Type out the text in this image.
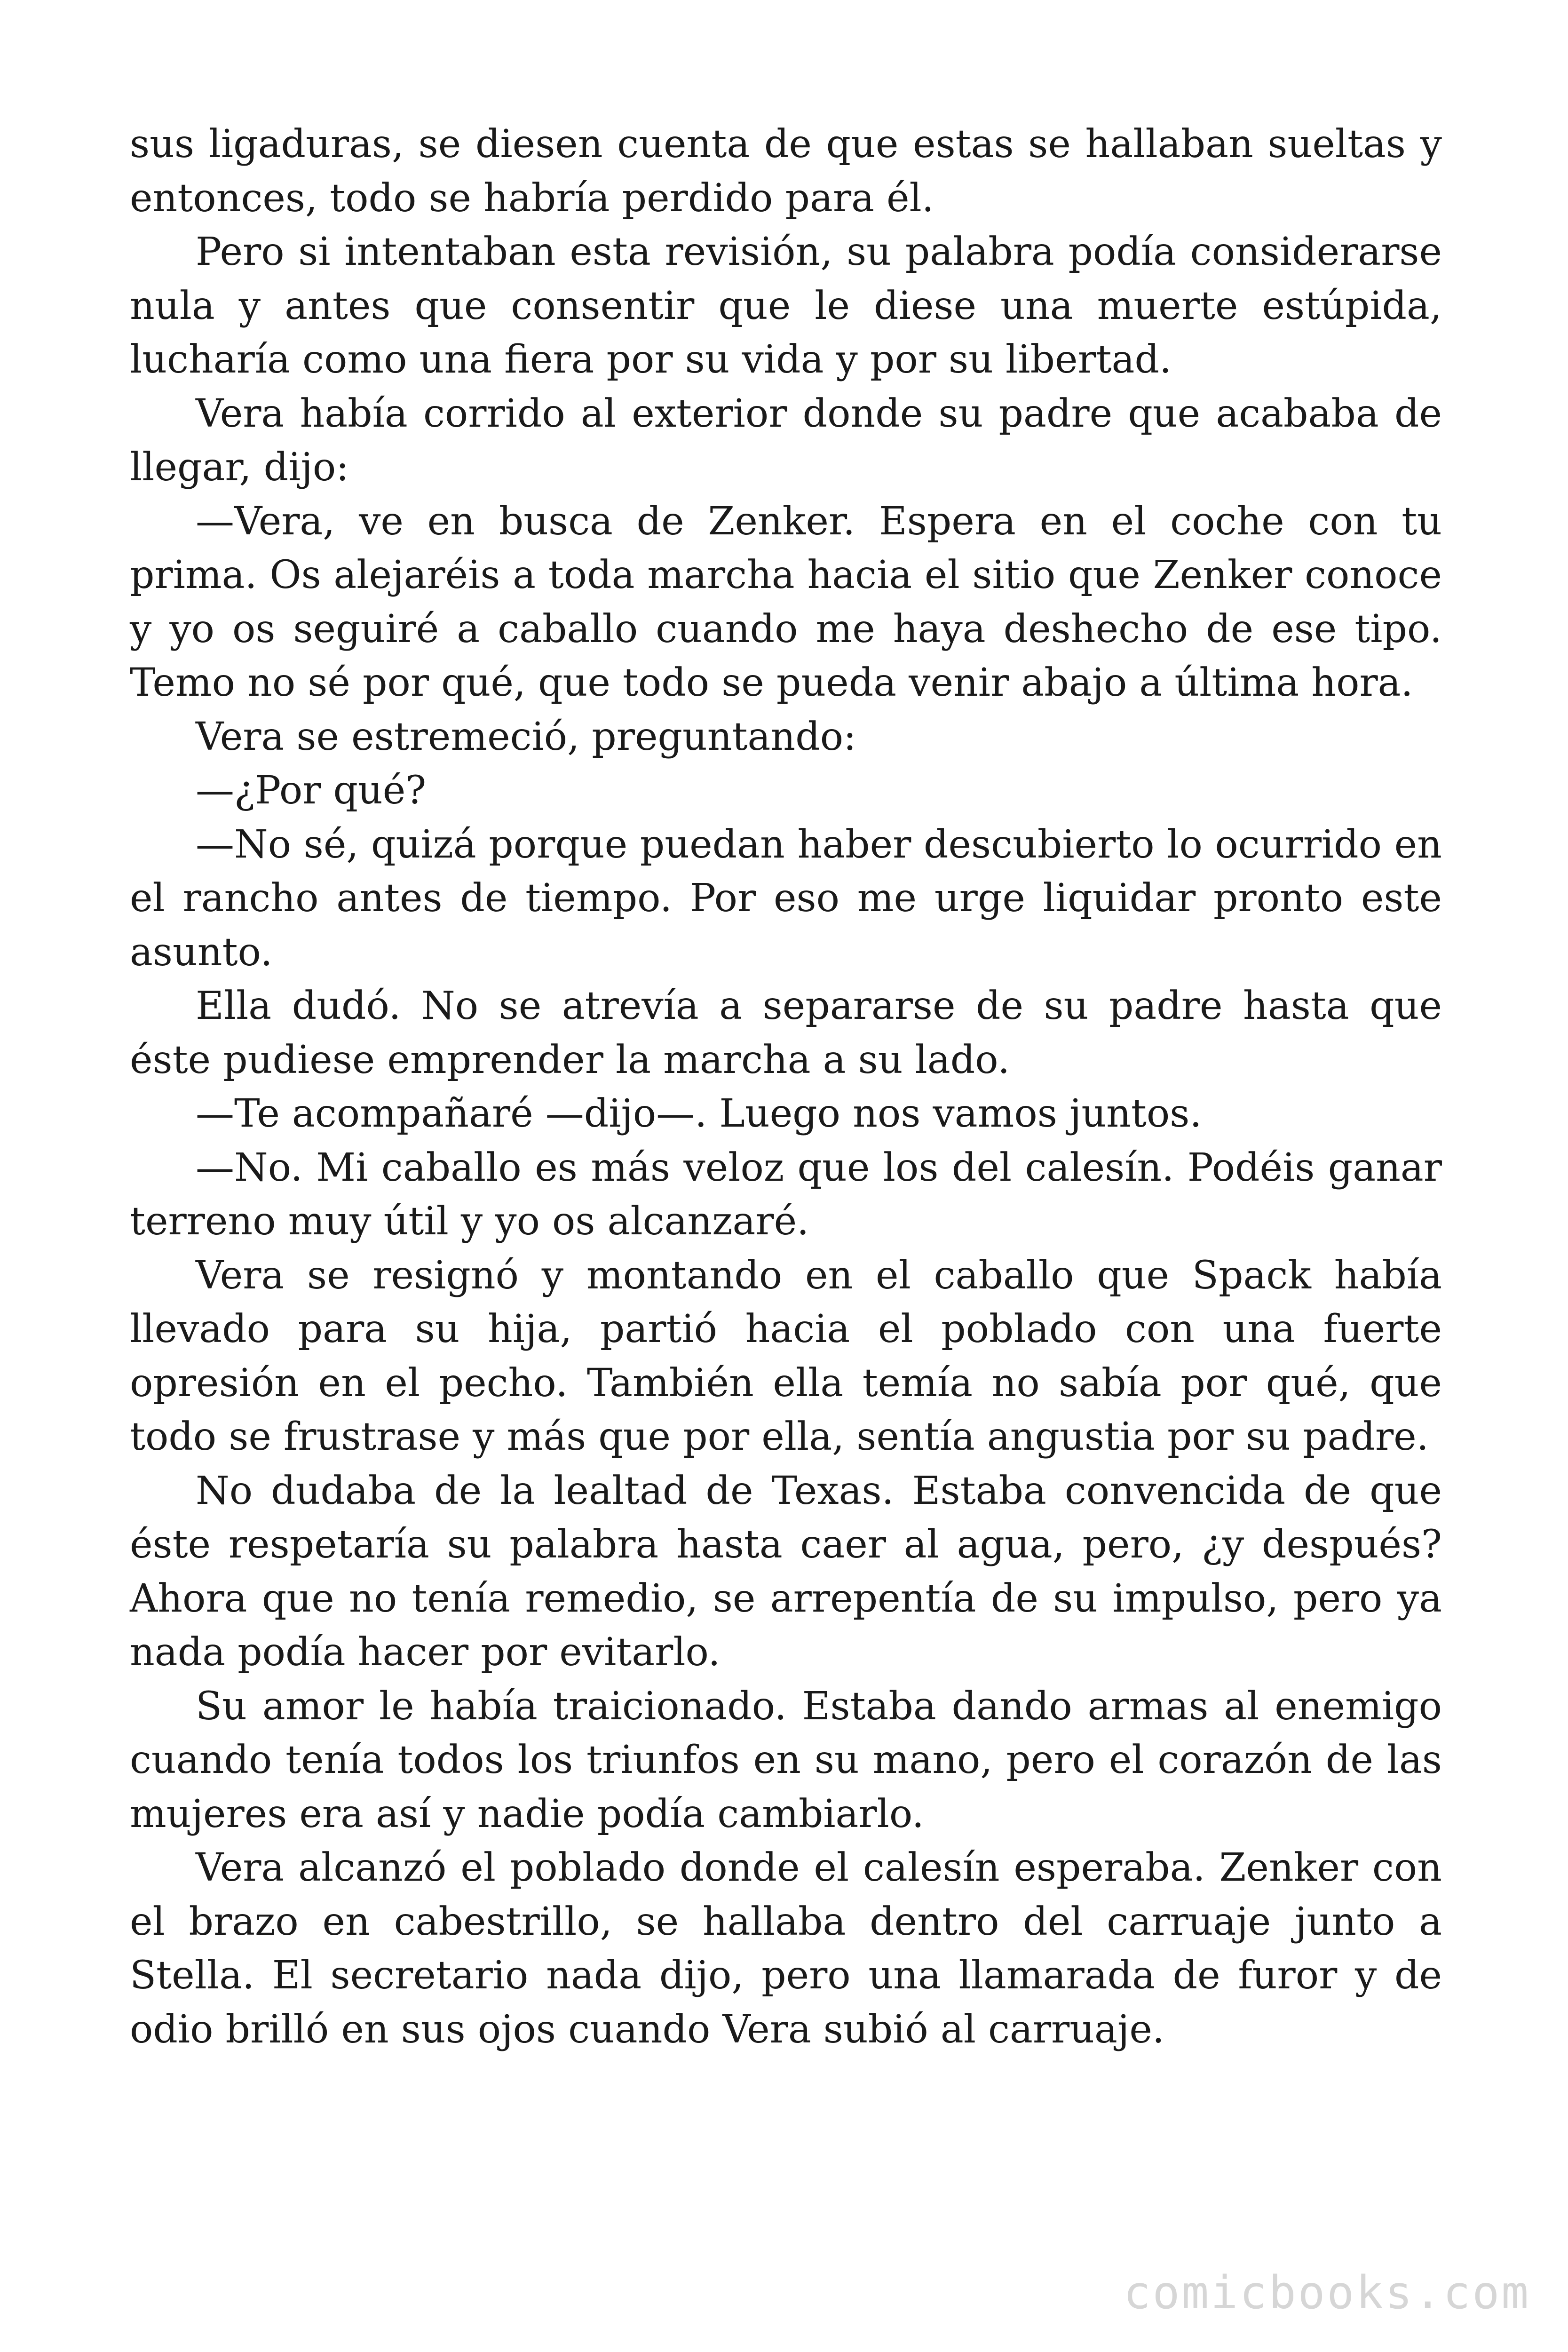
sus ligaduras, se diesen cuenta de que estas se hallaban sueltas y entonces, todo se habría perdido para él.

Pero si intentaban esta revisión, su palabra podía considerarse nula y antes que consentir que le diese una muerte estúpida, lucharía como una fiera por su vida y por su libertad.

Vera había corrido al exterior donde su padre que acababa de llegar, dijo:

—Vera, ve en busca de Zenker. Espera en el coche con tu prima. Os alejaréis a toda marcha hacia el sitio que Zenker conoce y yo os seguiré a caballo cuando me haya deshecho de ese tipo. Temo no sé por qué, que todo se pueda venir abajo a última hora.

Vera se estremeció, preguntando:

—¿Por qué?

—No sé, quizá porque puedan haber descubierto lo ocurrido en el rancho antes de tiempo. Por eso me urge liquidar pronto este asunto.

Ella dudó. No se atrevía a separarse de su padre hasta que éste pudiese emprender la marcha a su lado.

—Te acompañaré —dijo—. Luego nos vamos juntos.

—No. Mi caballo es más veloz que los del calesín. Podéis ganar terreno muy útil y yo os alcanzaré.

Vera se resignó y montando en el caballo que Spack había llevado para su hija, partió hacia el poblado con una fuerte opresión en el pecho. También ella temía no sabía por qué, que todo se frustrase y más que por ella, sentía angustia por su padre.

No dudaba de la lealtad de Texas. Estaba convencida de que éste respetaría su palabra hasta caer al agua, pero, ¿y después? Ahora que no tenía remedio, se arrepentía de su impulso, pero ya nada podía hacer por evitarlo.

Su amor le había traicionado. Estaba dando armas al enemigo cuando tenía todos los triunfos en su mano, pero el corazón de las mujeres era así y nadie podía cambiarlo.

Vera alcanzó el poblado donde el calesín esperaba. Zenker con el brazo en cabestrillo, se hallaba dentro del carruaje junto a Stella. El secretario nada dijo, pero una llamarada de furor y de odio brilló en sus ojos cuando Vera subió al carruaje.

comicbooks.com
